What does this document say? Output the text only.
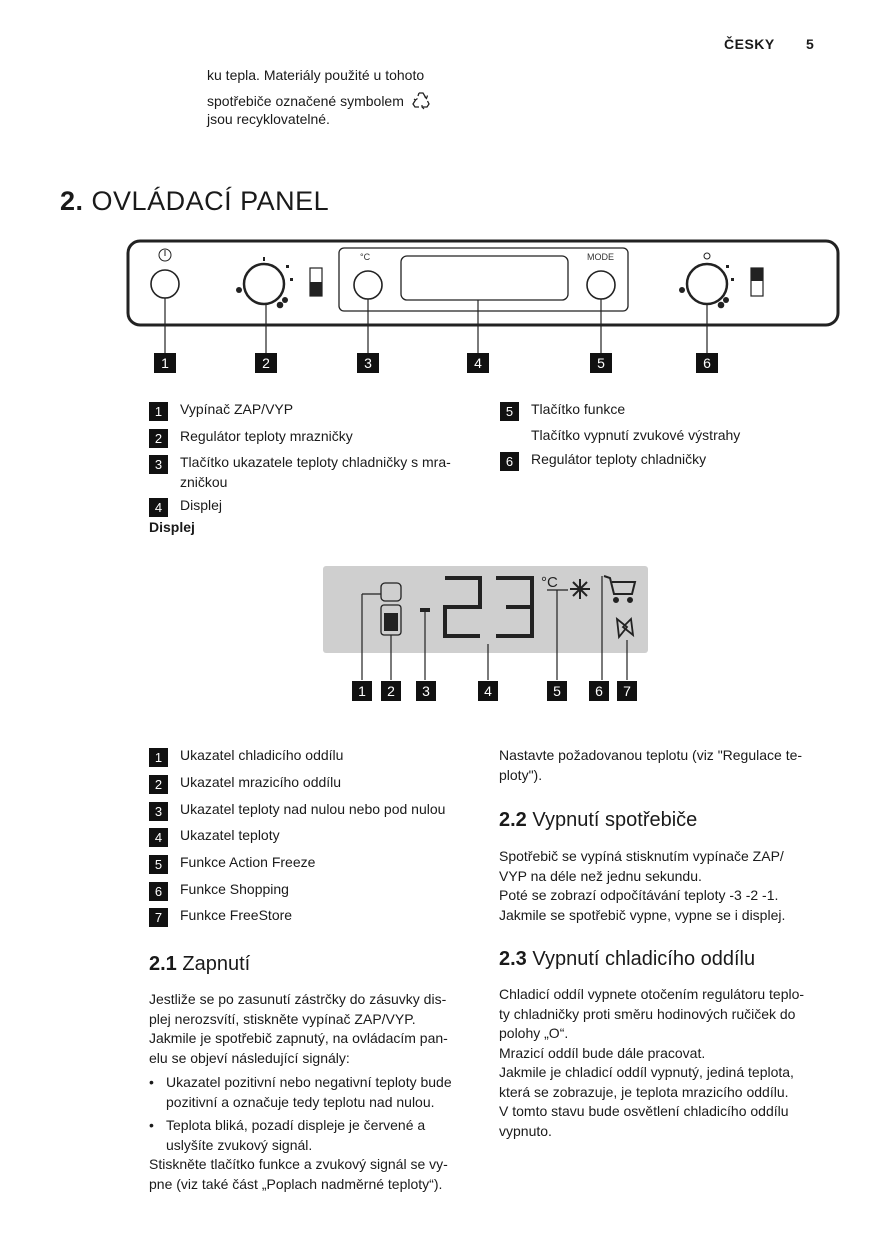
ČESKY 5
ku tepla. Materiály použité u tohoto
spotřebiče označené symbolem
jsou recyklovatelné.
2. OVLÁDACÍ PANEL
°C	MODE
1	2	3	4	5	6
1	Vypínač ZAP/VYP
2	Regulátor teploty mrazničky
3	Tlačítko ukazatele teploty chladničky s mra-
zničkou
4	Displej
5	Tlačítko funkce
Tlačítko vypnutí zvukové výstrahy
6	Regulátor teploty chladničky
Displej
°C
1	2	3	4	5	6	7
1	Ukazatel chladicího oddílu
2	Ukazatel mrazicího oddílu
3	Ukazatel teploty nad nulou nebo pod nulou
4	Ukazatel teploty
5	Funkce Action Freeze
6	Funkce Shopping
7	Funkce FreeStore
2.1 Zapnutí
Jestliže se po zasunutí zástrčky do zásuvky dis-
plej nerozsvítí, stiskněte vypínač ZAP/VYP.
Jakmile je spotřebič zapnutý, na ovládacím pan-
elu se objeví následující signály:
• Ukazatel pozitivní nebo negativní teploty bude
pozitivní a označuje tedy teplotu nad nulou.
• Teplota bliká, pozadí displeje je červené a
uslyšíte zvukový signál.
Stiskněte tlačítko funkce a zvukový signál se vy-
pne (viz také část „Poplach nadměrné teploty“).
Nastavte požadovanou teplotu (viz "Regulace te-
ploty").
2.2 Vypnutí spotřebiče
Spotřebič se vypíná stisknutím vypínače ZAP/
VYP na déle než jednu sekundu.
Poté se zobrazí odpočítávání teploty -3 -2 -1.
Jakmile se spotřebič vypne, vypne se i displej.
2.3 Vypnutí chladicího oddílu
Chladicí oddíl vypnete otočením regulátoru teplo-
ty chladničky proti směru hodinových ručiček do
polohy „O“.
Mrazicí oddíl bude dále pracovat.
Jakmile je chladicí oddíl vypnutý, jediná teplota,
která se zobrazuje, je teplota mrazicího oddílu.
V tomto stavu bude osvětlení chladicího oddílu
vypnuto.
